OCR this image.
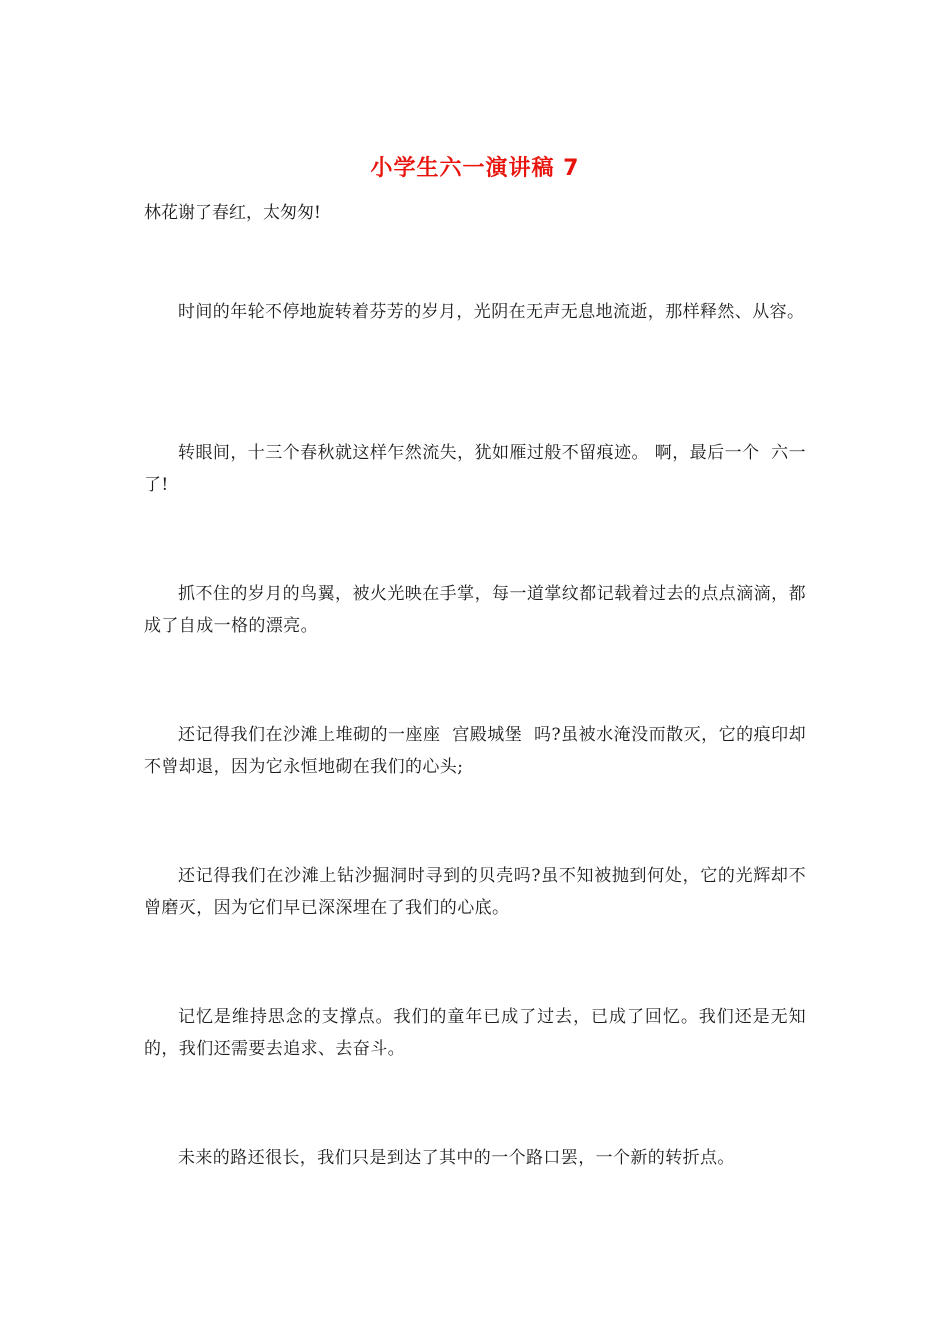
小学生六一演讲稿 7
林花谢了春红，太匆匆!

时间的年轮不停地旋转着芬芳的岁月，光阴在无声无息地流逝，那样释然、从容。

转眼间，十三个春秋就这样乍然流失，犹如雁过般不留痕迹。 啊，最后一个  六一  了!

抓不住的岁月的鸟翼，被火光映在手掌，每一道掌纹都记载着过去的点点滴滴，都成了自成一格的漂亮。

还记得我们在沙滩上堆砌的一座座  宫殿城堡  吗?虽被水淹没而散灭，它的痕印却不曾却退，因为它永恒地砌在我们的心头;

还记得我们在沙滩上钻沙掘洞时寻到的贝壳吗?虽不知被抛到何处，它的光辉却不曾磨灭，因为它们早已深深埋在了我们的心底。

记忆是维持思念的支撑点。我们的童年已成了过去，已成了回忆。我们还是无知的，我们还需要去追求、去奋斗。

未来的路还很长，我们只是到达了其中的一个路口罢，一个新的转折点。
